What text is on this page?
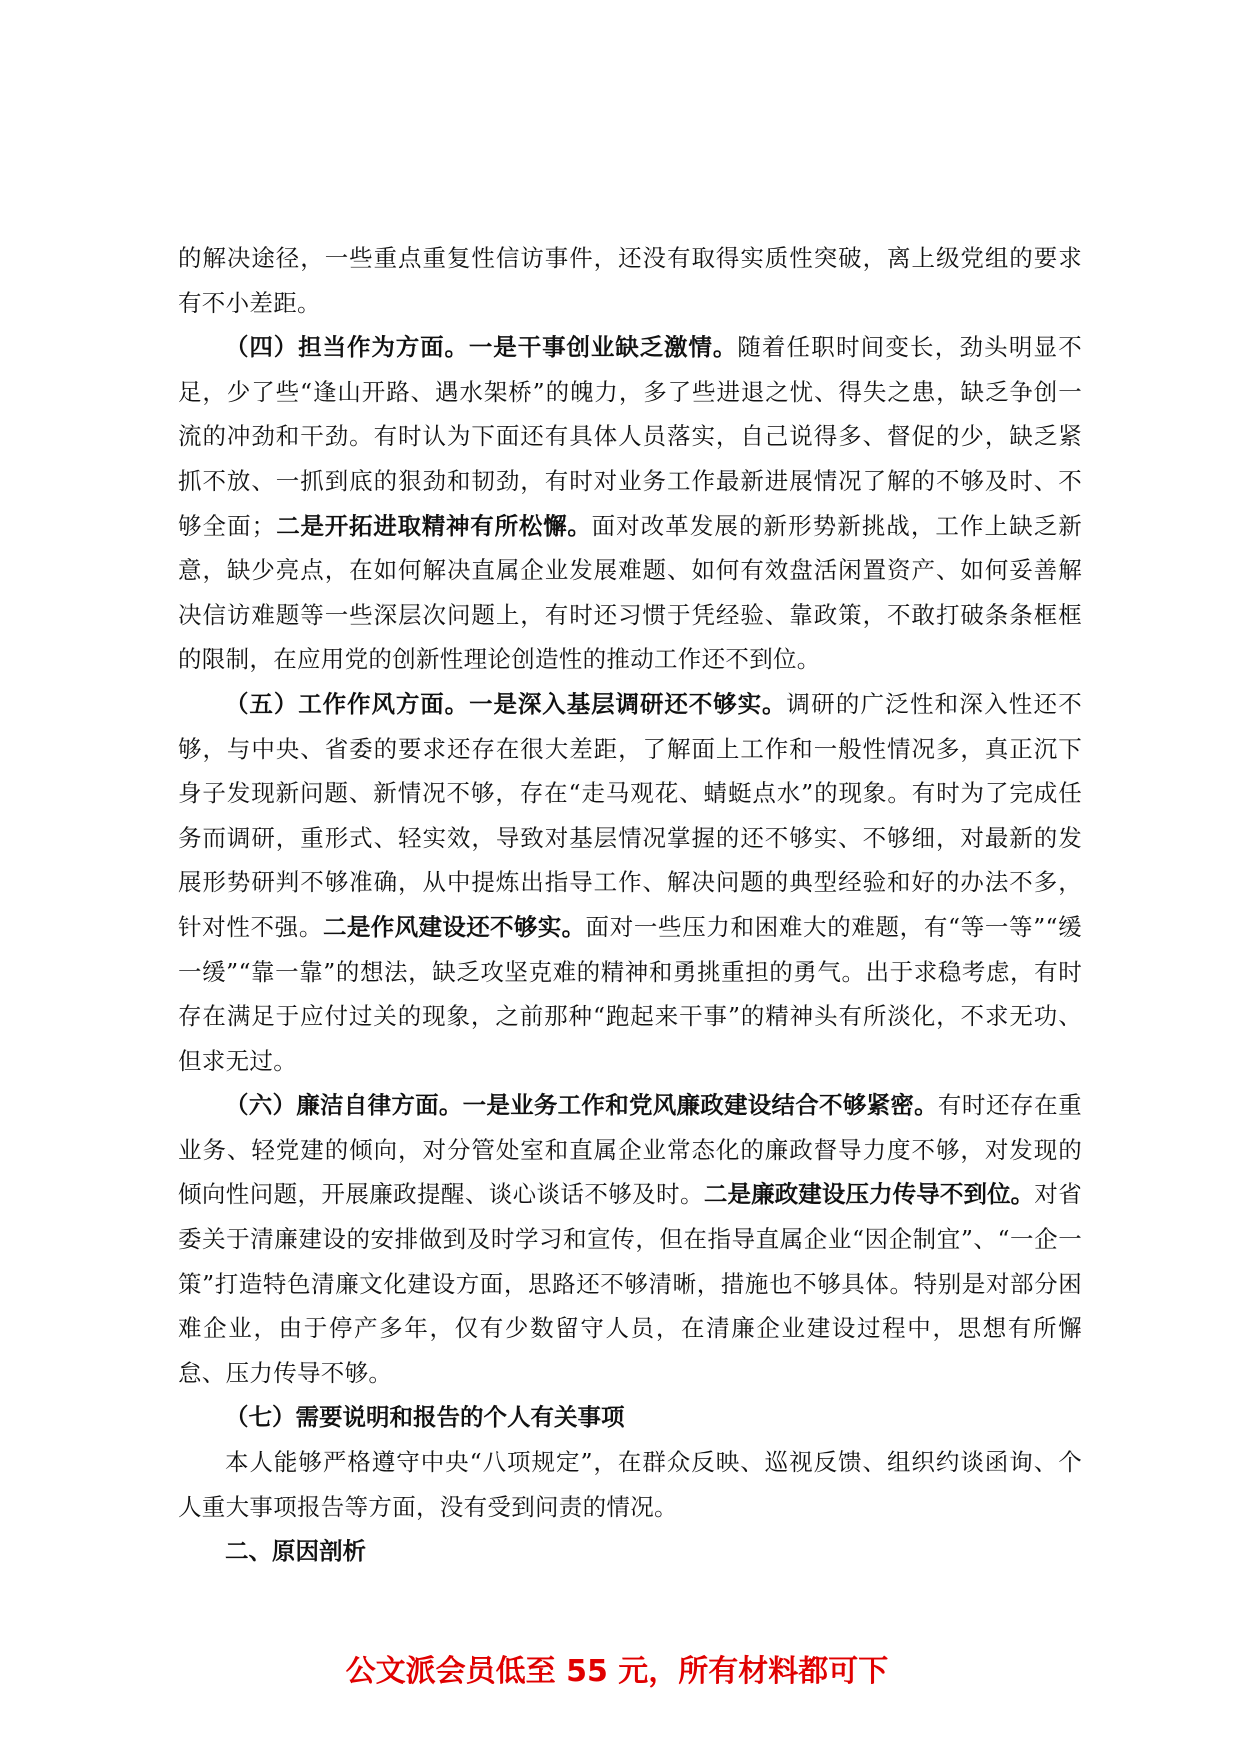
的解决途径，一些重点重复性信访事件，还没有取得实质性突破，离上级党组的要求有不小差距。

（四）担当作为方面。一是干事创业缺乏激情。随着任职时间变长，劲头明显不足，少了些“逢山开路、遇水架桥”的魄力，多了些进退之忧、得失之患，缺乏争创一流的冲劲和干劲。有时认为下面还有具体人员落实，自己说得多、督促的少，缺乏紧抓不放、一抓到底的狠劲和韧劲，有时对业务工作最新进展情况了解的不够及时、不够全面；二是开拓进取精神有所松懈。面对改革发展的新形势新挑战，工作上缺乏新意，缺少亮点，在如何解决直属企业发展难题、如何有效盘活闲置资产、如何妥善解决信访难题等一些深层次问题上，有时还习惯于凭经验、靠政策，不敢打破条条框框的限制，在应用党的创新性理论创造性的推动工作还不到位。

（五）工作作风方面。一是深入基层调研还不够实。调研的广泛性和深入性还不够，与中央、省委的要求还存在很大差距，了解面上工作和一般性情况多，真正沉下身子发现新问题、新情况不够，存在“走马观花、蜻蜓点水”的现象。有时为了完成任务而调研，重形式、轻实效，导致对基层情况掌握的还不够实、不够细，对最新的发展形势研判不够准确，从中提炼出指导工作、解决问题的典型经验和好的办法不多，针对性不强。二是作风建设还不够实。面对一些压力和困难大的难题，有“等一等”“缓一缓”“靠一靠”的想法，缺乏攻坚克难的精神和勇挑重担的勇气。出于求稳考虑，有时存在满足于应付过关的现象，之前那种“跑起来干事”的精神头有所淡化，不求无功、但求无过。

（六）廉洁自律方面。一是业务工作和党风廉政建设结合不够紧密。有时还存在重业务、轻党建的倾向，对分管处室和直属企业常态化的廉政督导力度不够，对发现的倾向性问题，开展廉政提醒、谈心谈话不够及时。二是廉政建设压力传导不到位。对省委关于清廉建设的安排做到及时学习和宣传，但在指导直属企业“因企制宜”、“一企一策”打造特色清廉文化建设方面，思路还不够清晰，措施也不够具体。特别是对部分困难企业，由于停产多年，仅有少数留守人员，在清廉企业建设过程中，思想有所懈怠、压力传导不够。

（七）需要说明和报告的个人有关事项

本人能够严格遵守中央“八项规定”，在群众反映、巡视反馈、组织约谈函询、个人重大事项报告等方面，没有受到问责的情况。

二、原因剖析

公文派会员低至 55 元，所有材料都可下
